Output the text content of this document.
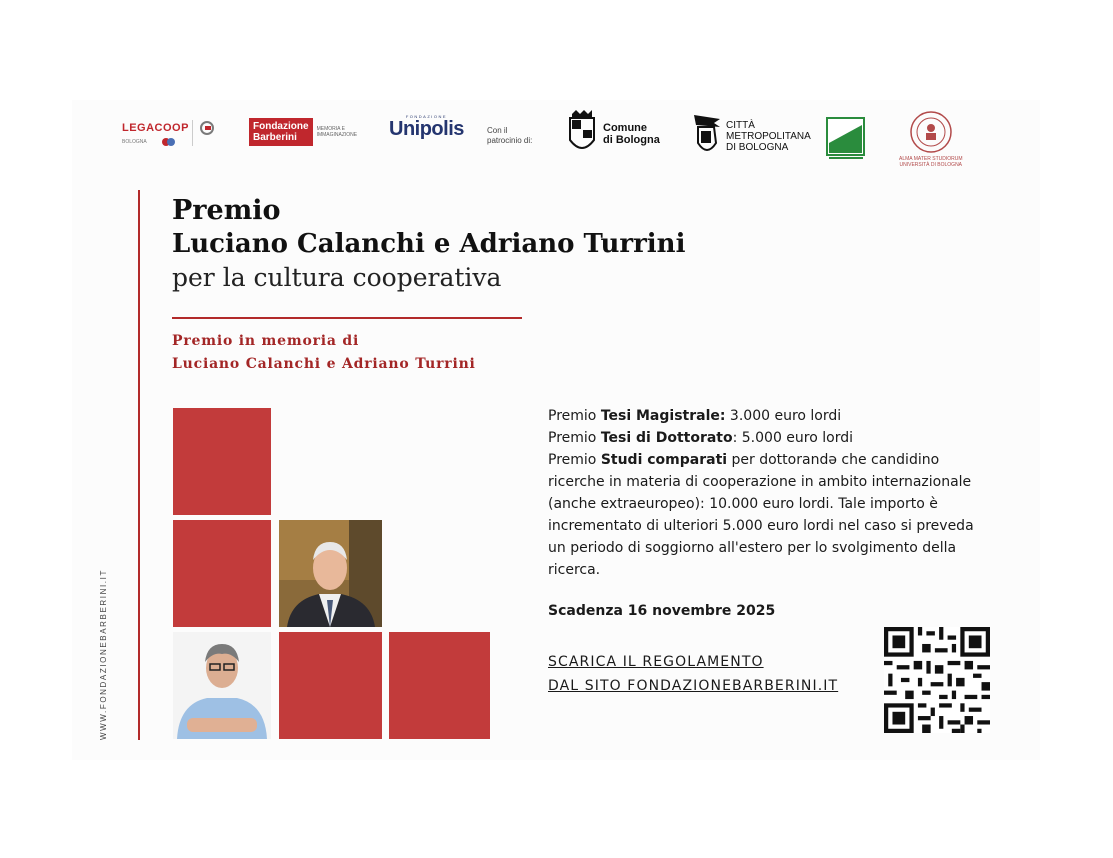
LEGACOOP
BOLOGNA
Fondazione
Barberini
MEMORIA E
IMMAGINAZIONE
FONDAZIONE
Unipolis	Con il
patrocinio di:
Comune
di Bologna
CITTÀ
METROPOLITANA
DI BOLOGNA
ALMA MATER STUDIORUM
UNIVERSITÀ DI BOLOGNA
WWW.FONDAZIONEBARBERINI.IT
Premio
Luciano Calanchi e Adriano Turrini
per la cultura cooperativa
Premio in memoria di
Luciano Calanchi e Adriano Turrini
Premio Tesi Magistrale: 3.000 euro lordi
Premio Tesi di Dottorato: 5.000 euro lordi
Premio Studi comparati per dottorandə che candidino ricerche in materia di cooperazione in ambito internazionale (anche extraeuropeo): 10.000 euro lordi. Tale importo è incrementato di ulteriori 5.000 euro lordi nel caso si preveda un periodo di soggiorno all'estero per lo svolgimento della ricerca.
Scadenza 16 novembre 2025
SCARICA IL REGOLAMENTO
DAL SITO FONDAZIONEBARBERINI.IT
